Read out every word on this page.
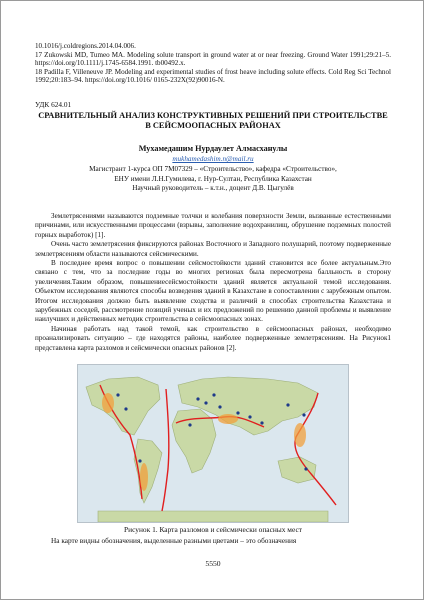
10.1016/j.coldregions.2014.04.006.

17 Zukowski MD, Tumeo MA. Modeling solute transport in ground water at or near freezing. Ground Water 1991;29:21–5. https://doi.org/10.1111/j.1745-6584.1991. tb00492.x.

18 Padilla F, Villeneuve JP. Modeling and experimental studies of frost heave including solute effects. Cold Reg Sci Technol 1992;20:183–94. https://doi.org/10.1016/ 0165-232X(92)90016-N.

УДК 624.01
СРАВНИТЕЛЬНЫЙ АНАЛИЗ КОНСТРУКТИВНЫХ РЕШЕНИЙ ПРИ СТРОИТЕЛЬСТВЕ В СЕЙСМООПАСНЫХ РАЙОНАХ
Мухамедашим Нурдаулет Алмасханулы
mukhamedashim.n@mail.ru
Магистрант 1-курса ОП 7М07329 – «Строительство», кафедра «Строительство»,
ЕНУ имени Л.Н.Гумилева, г. Нур-Султан, Республика Казахстан
Научный руководитель – к.т.н., доцент Д.В. Цыгулёв

Землетрясениями называются подземные толчки и колебания поверхности Земли, вызванные естественными причинами, или искусственными процессами (взрывы, заполнение водохранилищ, обрушение подземных полостей горных выработок) [1].

Очень часто землетрясения фиксируются районах Восточного и Западного полушарий, поэтому подверженные землетрясениям области называются сейсмическими.

В последнее время вопрос о повышении сейсмостойкости зданий становится все более актуальным.Это связано с тем, что за последние годы во многих регионах была пересмотрена балльность в сторону увеличения.Таким образом, повышениесейсмостойкости зданий является актуальной темой исследования. Объектом исследования являются способы возведения зданий в Казахстане в сопоставлении с зарубежным опытом. Итогом исследования должно быть выявление сходства и различий в способах строительства Казахстана и зарубежных соседей, рассмотрение позиций ученых и их предложений по решению данной проблемы и выявление наилучших и действенных методик строительства в сейсмоопасных зонах.

Начиная работать над такой темой, как строительство в сейсмоопасных районах, необходимо проанализировать ситуацию – где находятся районы, наиболее подверженные землетрясениям. На Рисунок1 представлена карта разломов и сейсмически опасных районов [2].

Рисунок 1. Карта разломов и сейсмически опасных мест
На карте видны обозначения, выделенные разными цветами – это обозначения
5550
